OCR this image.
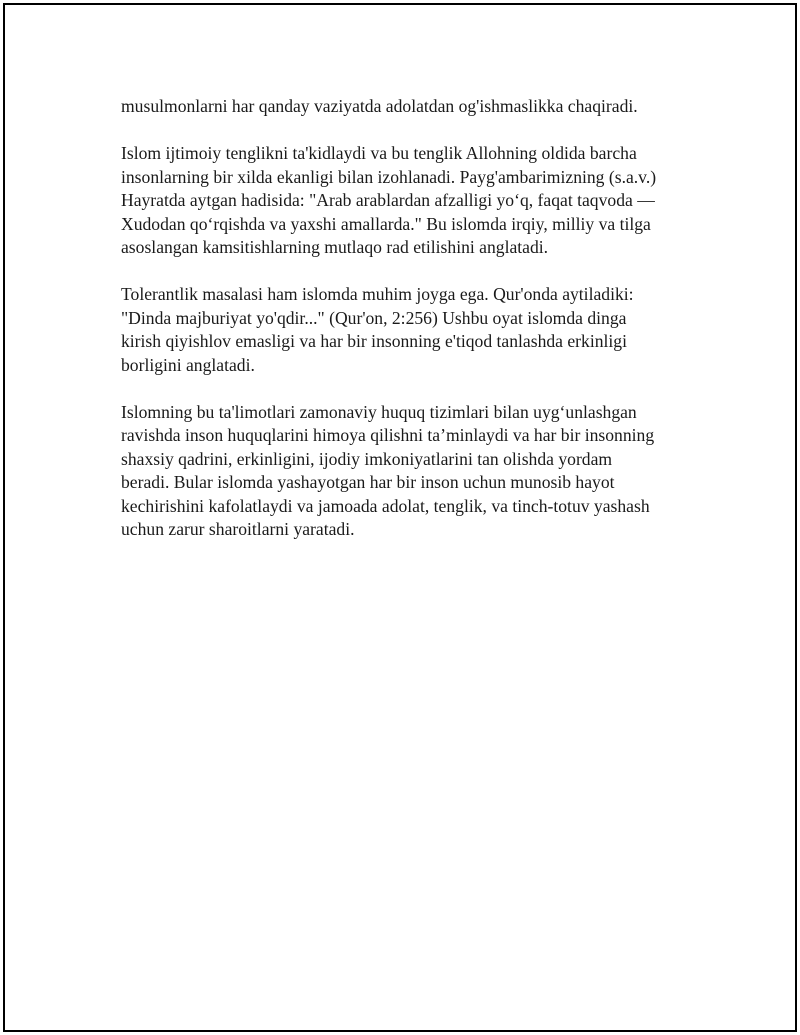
musulmonlarni har qanday vaziyatda adolatdan og'ishmaslikka chaqiradi.

Islom ijtimoiy tenglikni ta'kidlaydi va bu tenglik Allohning oldida barcha
insonlarning bir xilda ekanligi bilan izohlanadi. Payg'ambarimizning (s.a.v.)
Hayratda aytgan hadisida: "Arab arablardan afzalligi yo‘q, faqat taqvoda —
Xudodan qo‘rqishda va yaxshi amallarda." Bu islomda irqiy, milliy va tilga
asoslangan kamsitishlarning mutlaqo rad etilishini anglatadi.

Tolerantlik masalasi ham islomda muhim joyga ega. Qur'onda aytiladiki:
"Dinda majburiyat yo'qdir..." (Qur'on, 2:256) Ushbu oyat islomda dinga
kirish qiyishlov emasligi va har bir insonning e'tiqod tanlashda erkinligi
borligini anglatadi.

Islomning bu ta'limotlari zamonaviy huquq tizimlari bilan uyg‘unlashgan
ravishda inson huquqlarini himoya qilishni ta’minlaydi va har bir insonning
shaxsiy qadrini, erkinligini, ijodiy imkoniyatlarini tan olishda yordam
beradi. Bular islomda yashayotgan har bir inson uchun munosib hayot
kechirishini kafolatlaydi va jamoada adolat, tenglik, va tinch-totuv yashash
uchun zarur sharoitlarni yaratadi.
